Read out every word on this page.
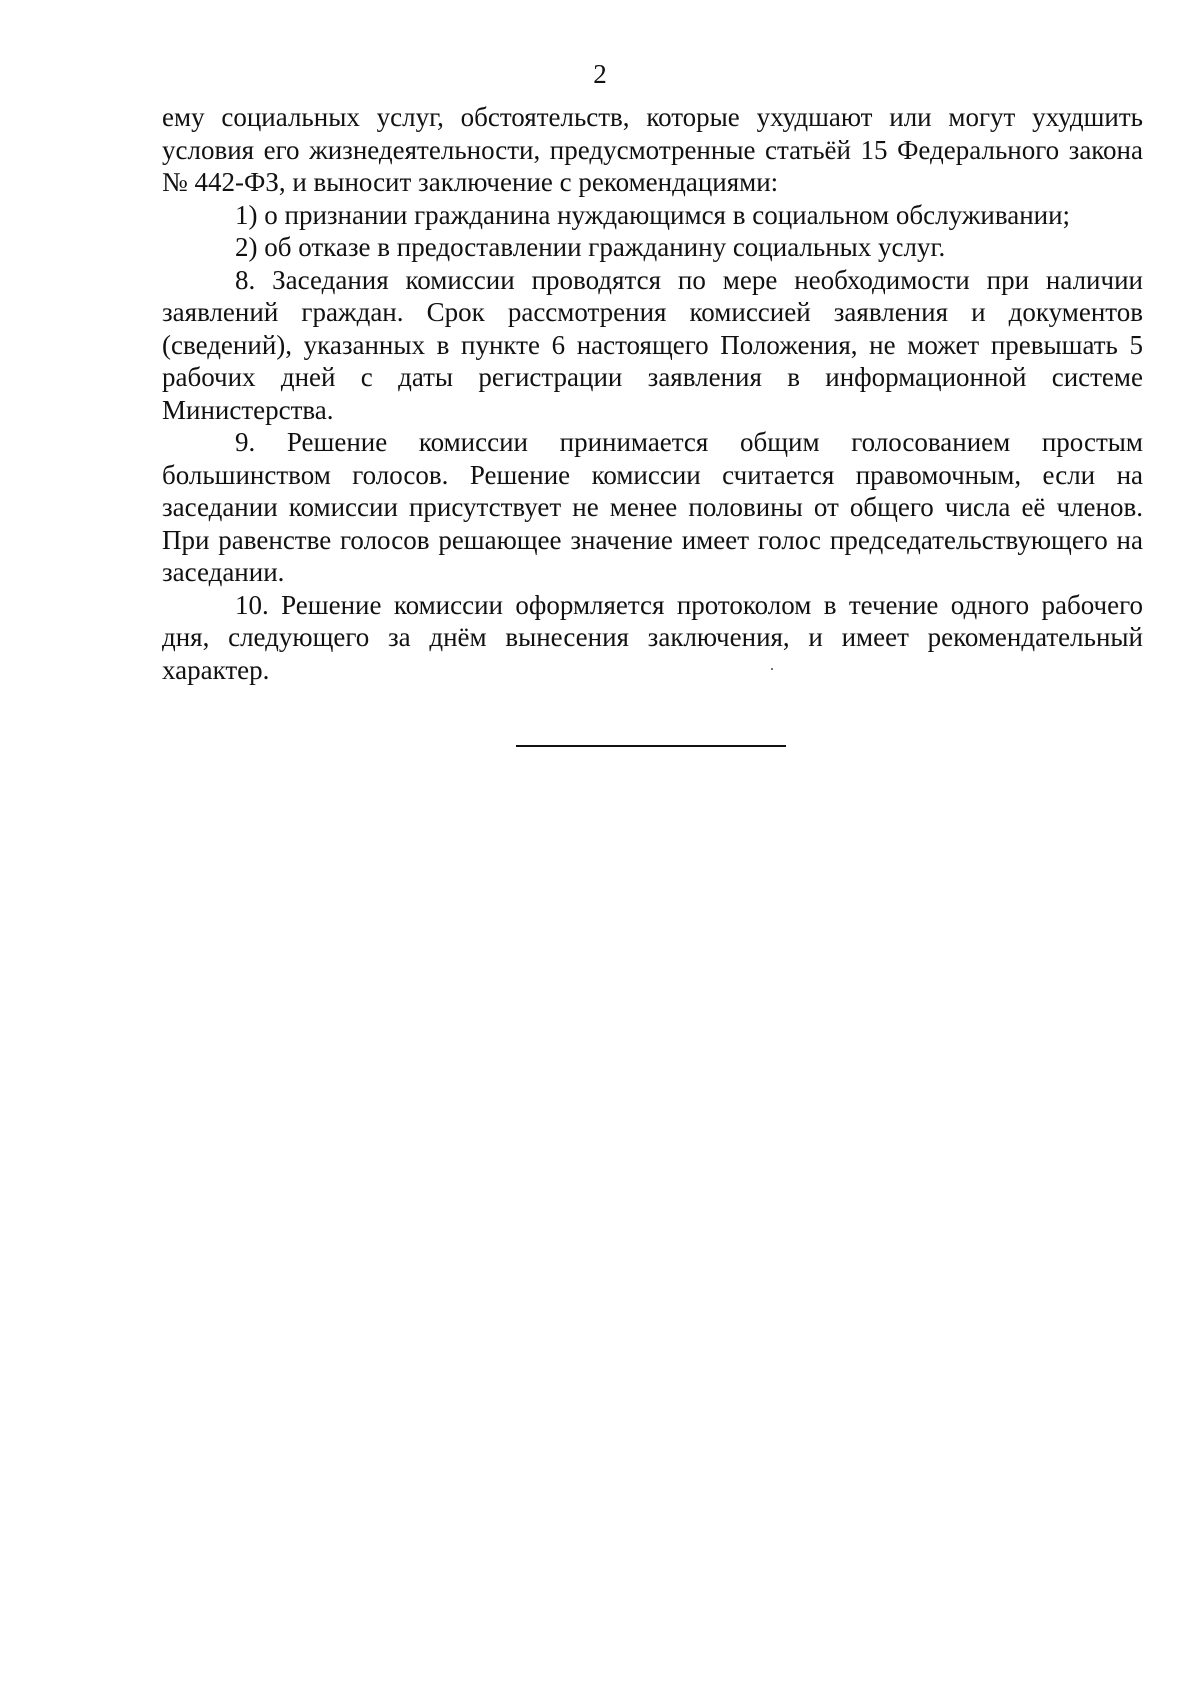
2

ему социальных услуг, обстоятельств, которые ухудшают или могут ухудшить условия его жизнедеятельности, предусмотренные статьёй 15 Федерального закона № 442-ФЗ, и выносит заключение с рекомендациями:

1) о признании гражданина нуждающимся в социальном обслуживании;

2) об отказе в предоставлении гражданину социальных услуг.

8. Заседания комиссии проводятся по мере необходимости при наличии заявлений граждан. Срок рассмотрения комиссией заявления и документов (сведений), указанных в пункте 6 настоящего Положения, не может превышать 5 рабочих дней с даты регистрации заявления в информационной системе Министерства.

9. Решение комиссии принимается общим голосованием простым большинством голосов. Решение комиссии считается правомочным, если на заседании комиссии присутствует не менее половины от общего числа её членов. При равенстве голосов решающее значение имеет голос председательствующего на заседании.

10. Решение комиссии оформляется протоколом в течение одного рабочего дня, следующего за днём вынесения заключения, и имеет рекомендательный характер.
